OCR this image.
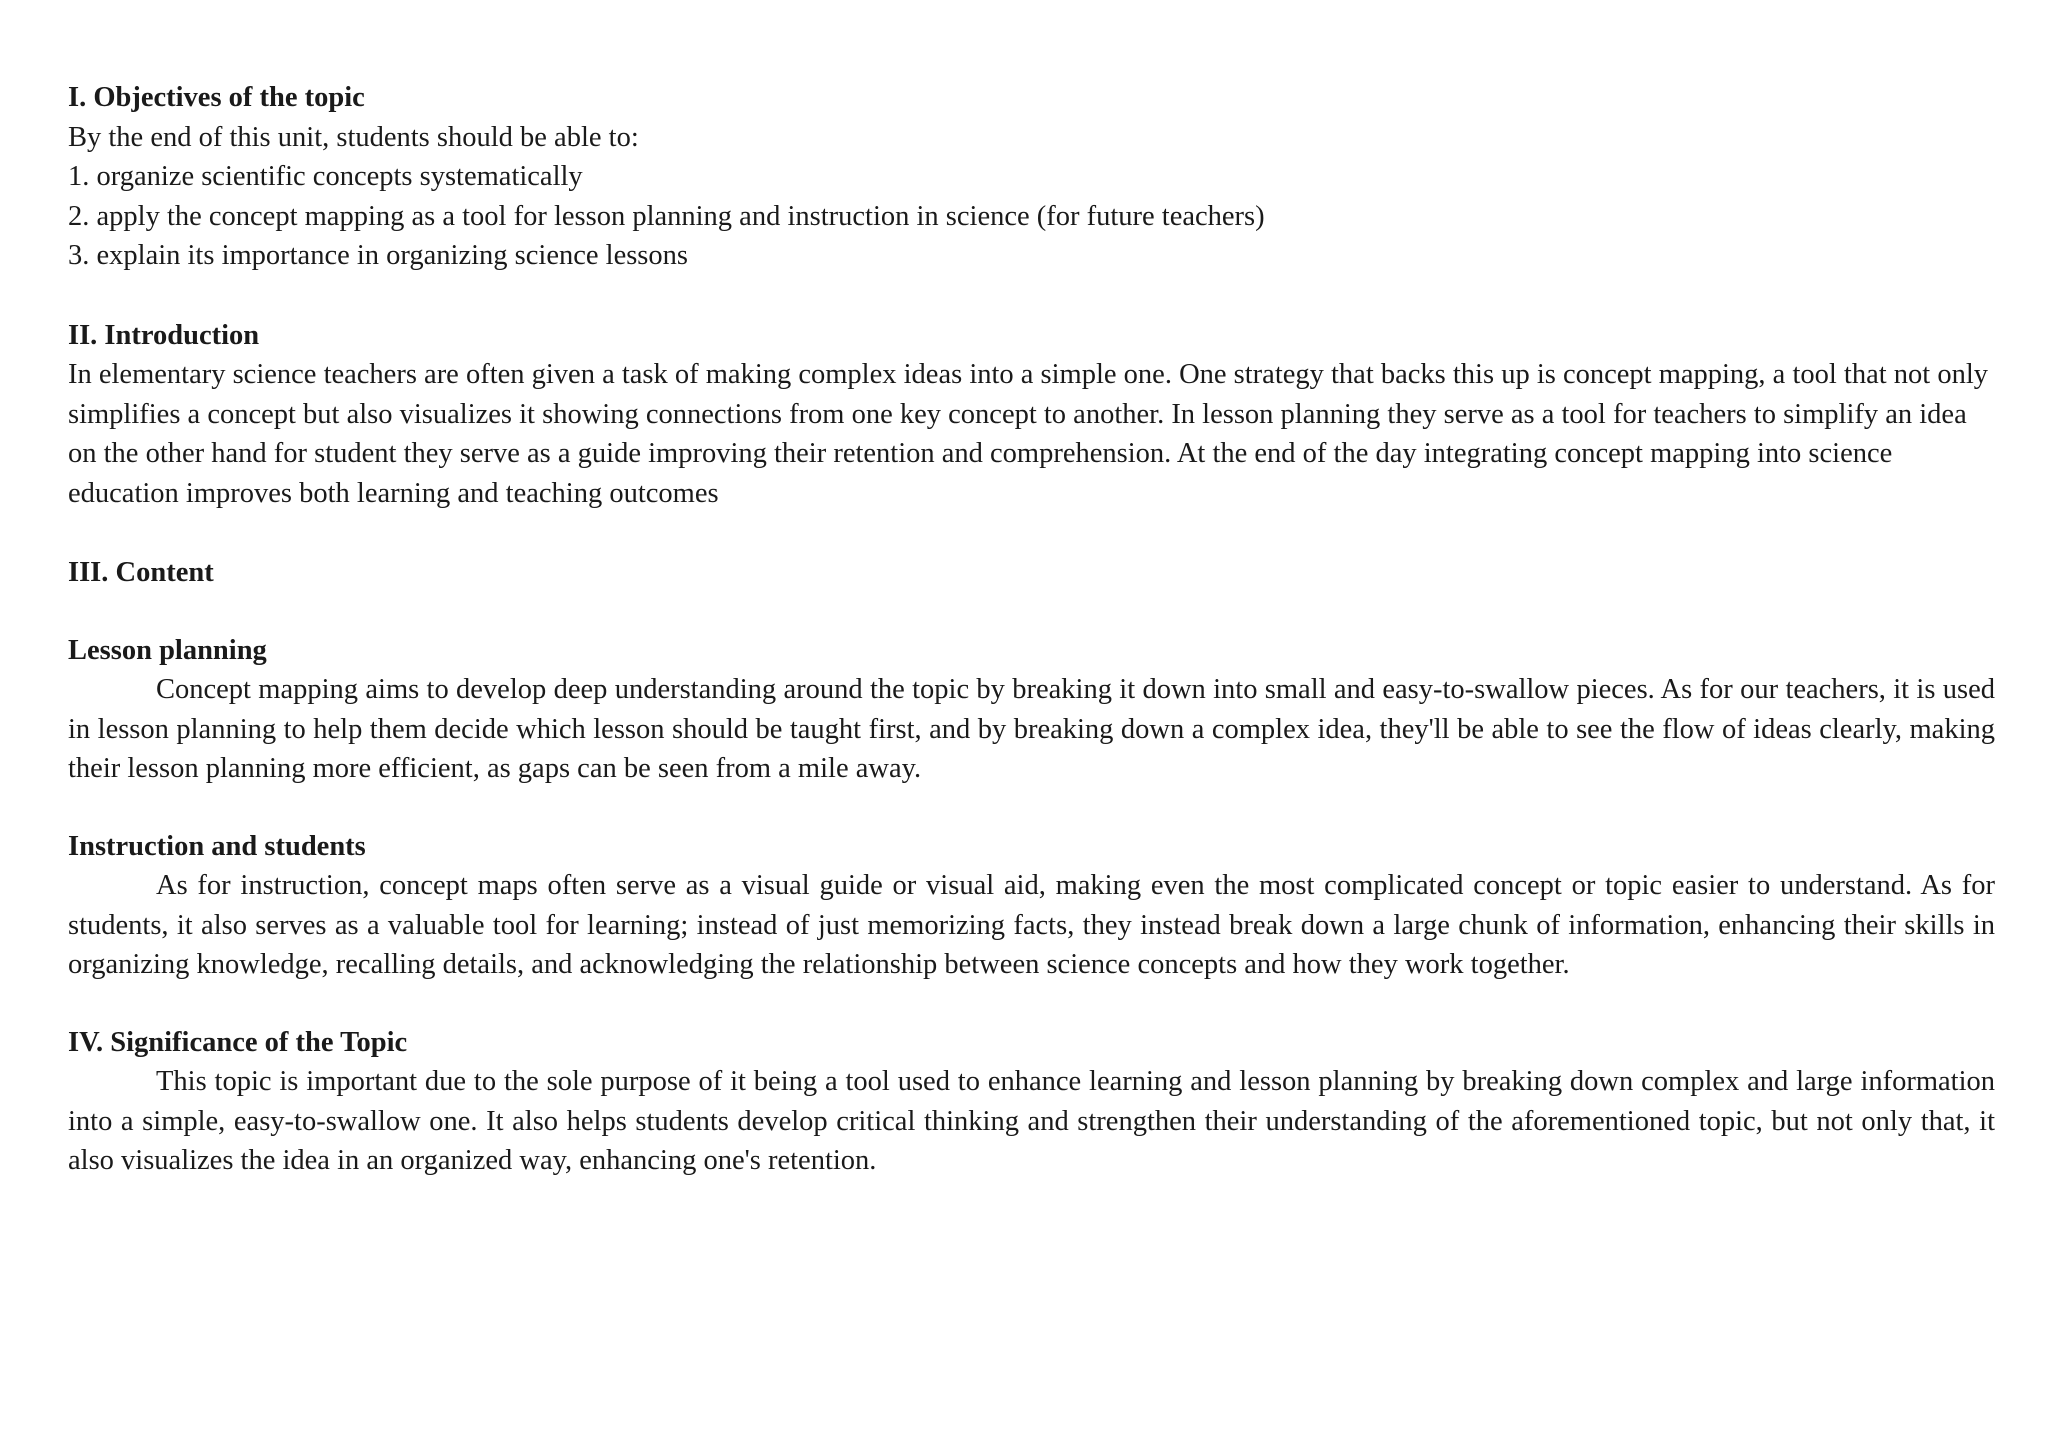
I. Objectives of the topic

By the end of this unit, students should be able to:

1. organize scientific concepts systematically

2. apply the concept mapping as a tool for lesson planning and instruction in science (for future teachers)

3. explain its importance in organizing science lessons

II. Introduction

In elementary science teachers are often given a task of making complex ideas into a simple one. One strategy that backs this up is concept mapping, a tool that not only simplifies a concept but also visualizes it showing connections from one key concept to another. In lesson planning they serve as a tool for teachers to simplify an idea on the other hand for student they serve as a guide improving their retention and comprehension. At the end of the day integrating concept mapping into science education improves both learning and teaching outcomes

III. Content

Lesson planning

Concept mapping aims to develop deep understanding around the topic by breaking it down into small and easy-to-swallow pieces. As for our teachers, it is used in lesson planning to help them decide which lesson should be taught first, and by breaking down a complex idea, they'll be able to see the flow of ideas clearly, making their lesson planning more efficient, as gaps can be seen from a mile away.

Instruction and students

As for instruction, concept maps often serve as a visual guide or visual aid, making even the most complicated concept or topic easier to understand. As for students, it also serves as a valuable tool for learning; instead of just memorizing facts, they instead break down a large chunk of information, enhancing their skills in organizing knowledge, recalling details, and acknowledging the relationship between science concepts and how they work together.

IV. Significance of the Topic

This topic is important due to the sole purpose of it being a tool used to enhance learning and lesson planning by breaking down complex and large information into a simple, easy-to-swallow one. It also helps students develop critical thinking and strengthen their understanding of the aforementioned topic, but not only that, it also visualizes the idea in an organized way, enhancing one's retention.
